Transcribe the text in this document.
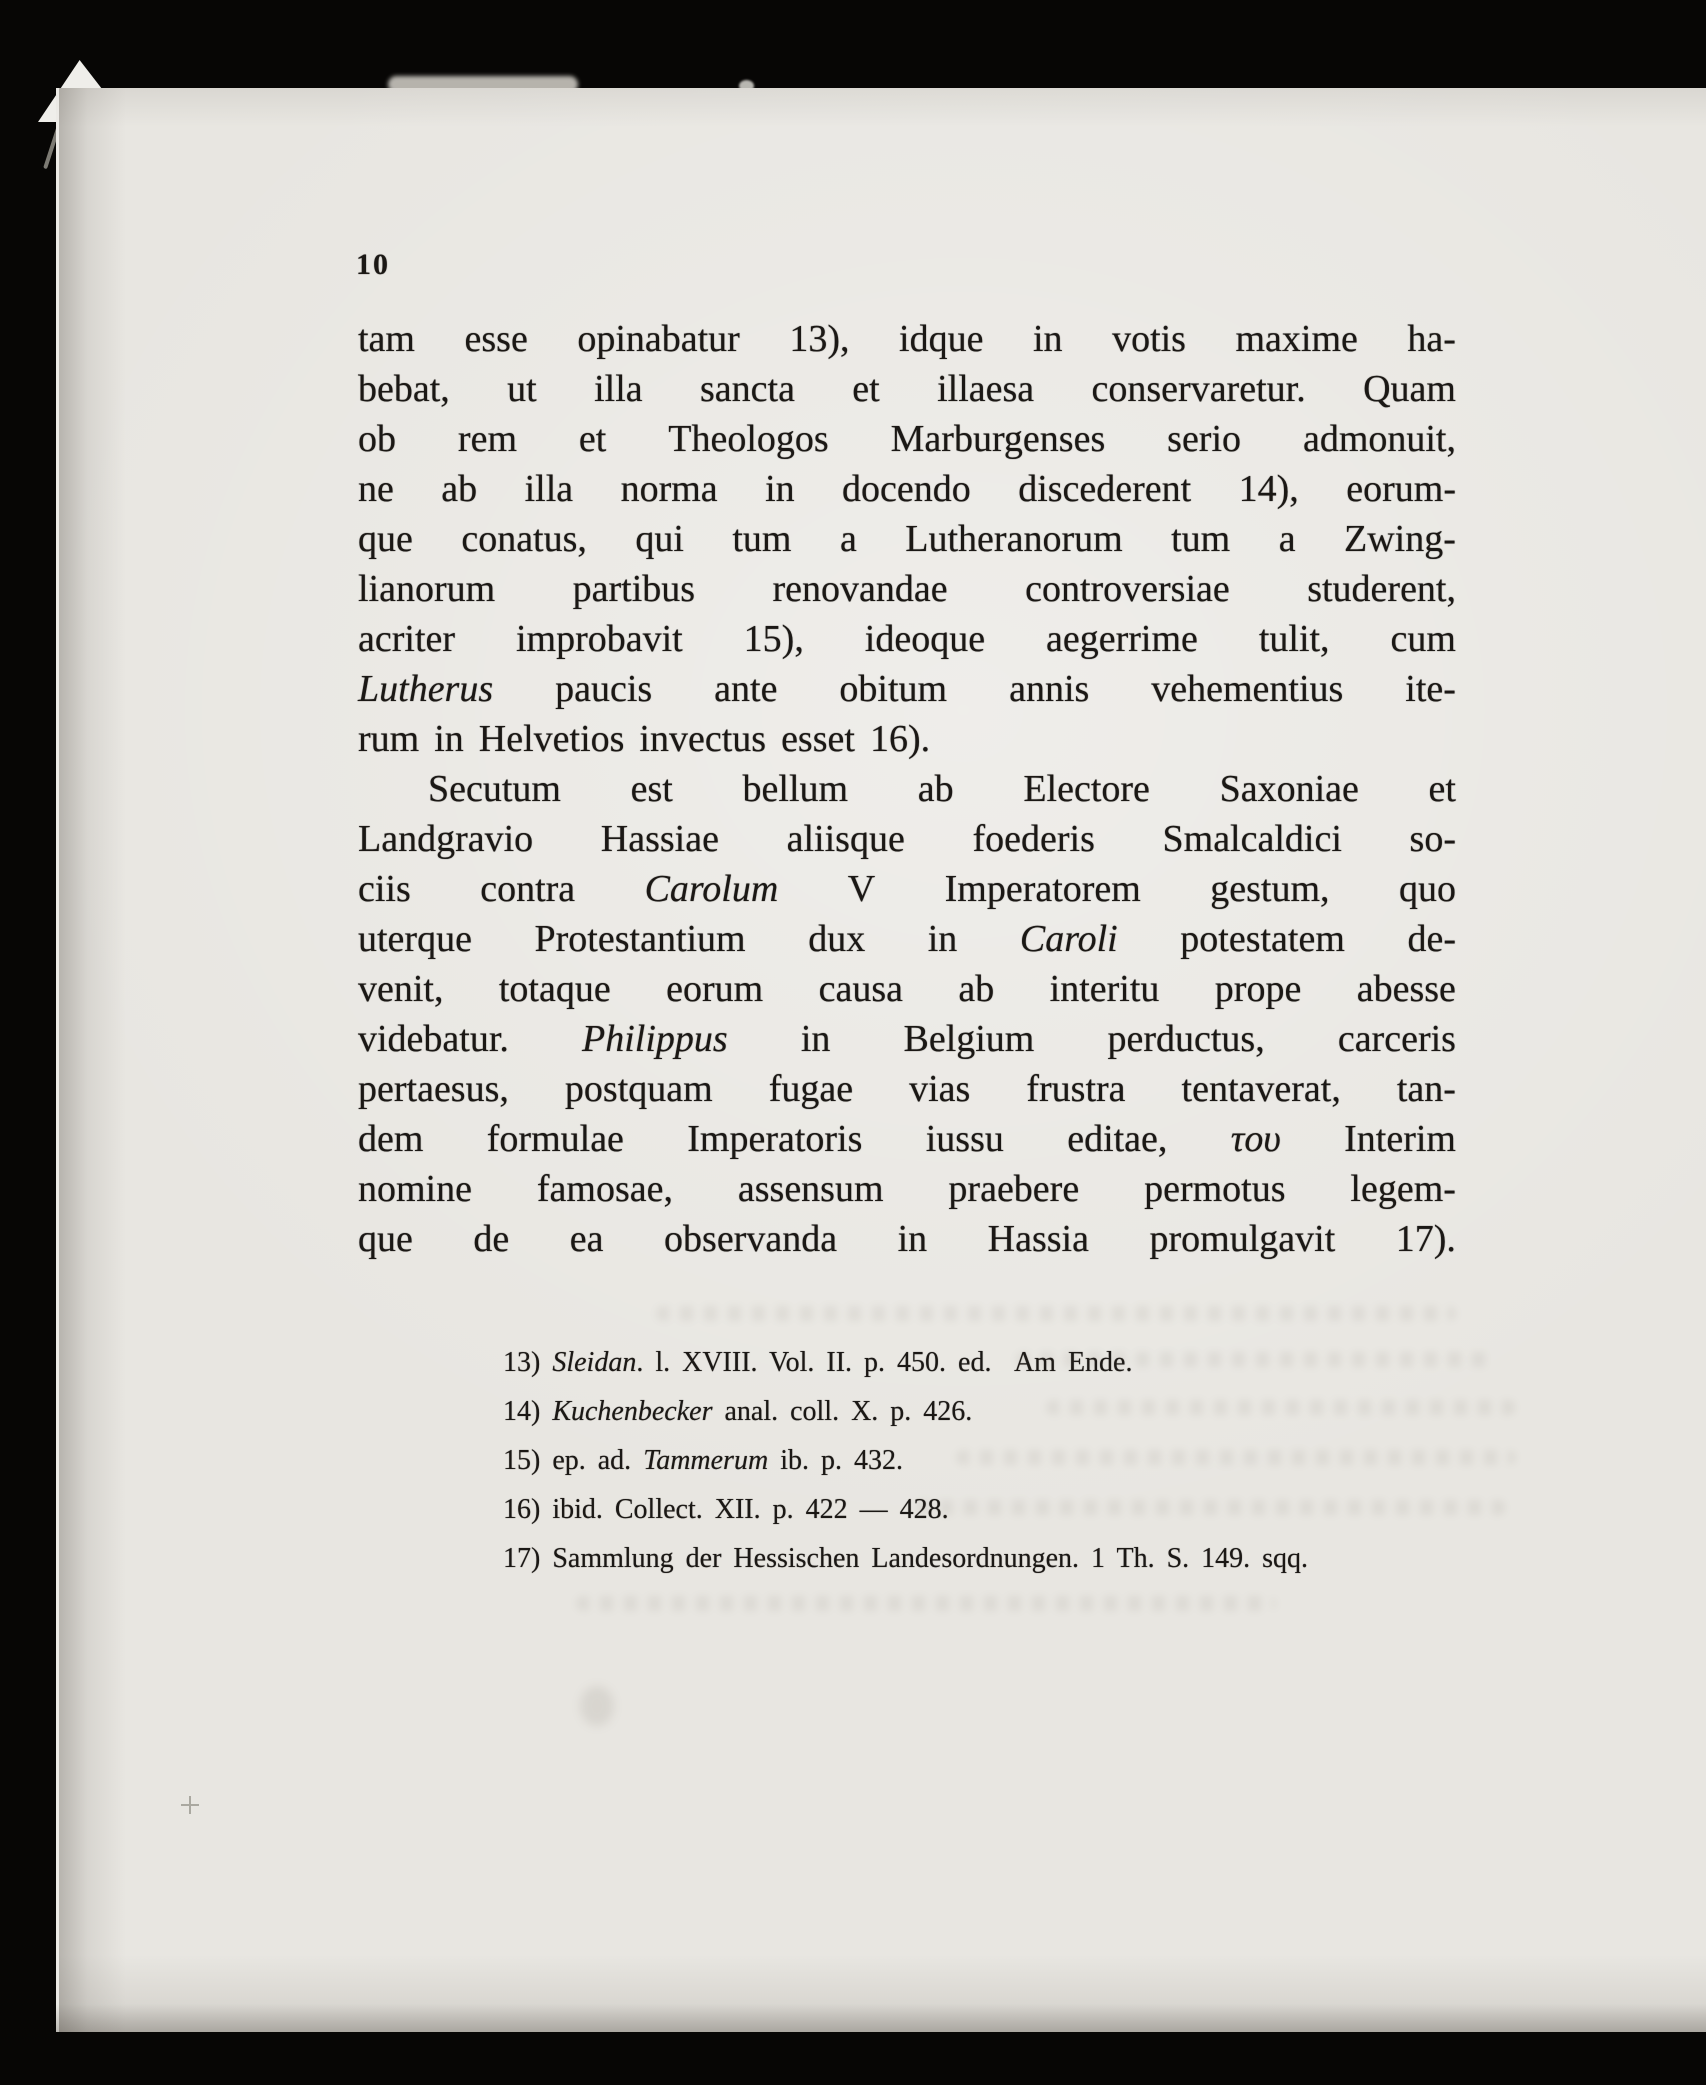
10
tam esse opinabatur 13), idque in votis maxime ha-
bebat, ut illa sancta et illaesa conservaretur. Quam
ob rem et Theologos Marburgenses serio admonuit,
ne ab illa norma in docendo discederent 14), eorum-
que conatus, qui tum a Lutheranorum tum a Zwing-
lianorum partibus renovandae controversiae studerent,
acriter improbavit 15), ideoque aegerrime tulit, cum
Lutherus paucis ante obitum annis vehementius ite-
rum in Helvetios invectus esset 16).
Secutum est bellum ab Electore Saxoniae et
Landgravio Hassiae aliisque foederis Smalcaldici so-
ciis contra Carolum V Imperatorem gestum, quo
uterque Protestantium dux in Caroli potestatem de-
venit, totaque eorum causa ab interitu prope abesse
videbatur. Philippus in Belgium perductus, carceris
pertaesus, postquam fugae vias frustra tentaverat, tan-
dem formulae Imperatoris iussu editae, του Interim
nomine famosae, assensum praebere permotus legem-
que de ea observanda in Hassia promulgavit 17).
13) Sleidan. l. XVIII. Vol. II. p. 450. ed.  Am Ende.
14) Kuchenbecker anal. coll. X. p. 426.
15) ep. ad. Tammerum ib. p. 432.
16) ibid. Collect. XII. p. 422 — 428.
17) Sammlung der Hessischen Landesordnungen. 1 Th. S. 149. sqq.
